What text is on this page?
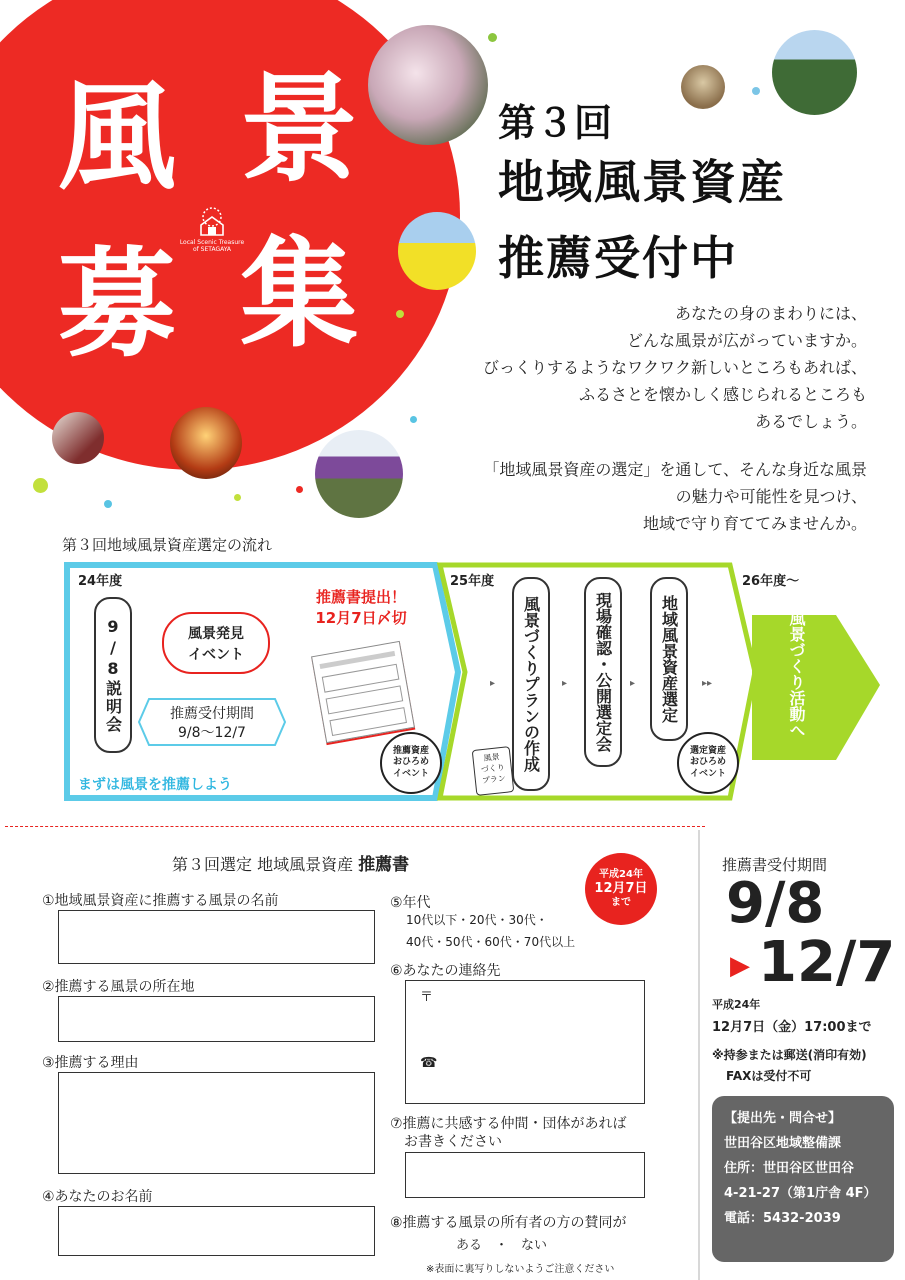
風 景
募 集
Local Scenic Treasure
of SETAGAYA
第３回
地域風景資産
推薦受付中
あなたの身のまわりには、
どんな風景が広がっていますか。
びっくりするようなワクワク新しいところもあれば、
ふるさとを懐かしく感じられるところも
あるでしょう。
「地域風景資産の選定」を通して、そんな身近な風景
の魅力や可能性を見つけ、
地域で守り育ててみませんか。
第３回地域風景資産選定の流れ
24年度	25年度	26年度～
9/8説明会	風景発見
イベント
推薦書提出！
12月7日〆切
推薦受付期間
9/8～12/7
推薦資産
おひろめ
イベント
まずは風景を推薦しよう
▸	風景づくりプランの作成
風景
づくり
プラン
▸	現場確認・公開選定会	▸	地域風景資産選定	▸▸
選定資産
おひろめ
イベント
風景づくり活動へ
第３回選定 地域風景資産 推薦書	平成24年
12月7日
まで
①地域風景資産に推薦する風景の名前
②推薦する風景の所在地
③推薦する理由
④あなたのお名前
⑤年代
10代以下・20代・30代・
40代・50代・60代・70代以上
⑥あなたの連絡先
〒
☎
⑦推薦に共感する仲間・団体があれば
お書きください
⑧推薦する風景の所有者の方の賛同が
ある　・　ない
※表面に裏写りしないようご注意ください
推薦書受付期間
9/8
▶ 12/7
平成24年
12月7日（金）17:00まで
※持参または郵送(消印有効)
FAXは受付不可
【提出先・問合せ】
世田谷区地域整備課
住所：世田谷区世田谷
4-21-27（第1庁舎 4F）
電話：5432-2039
